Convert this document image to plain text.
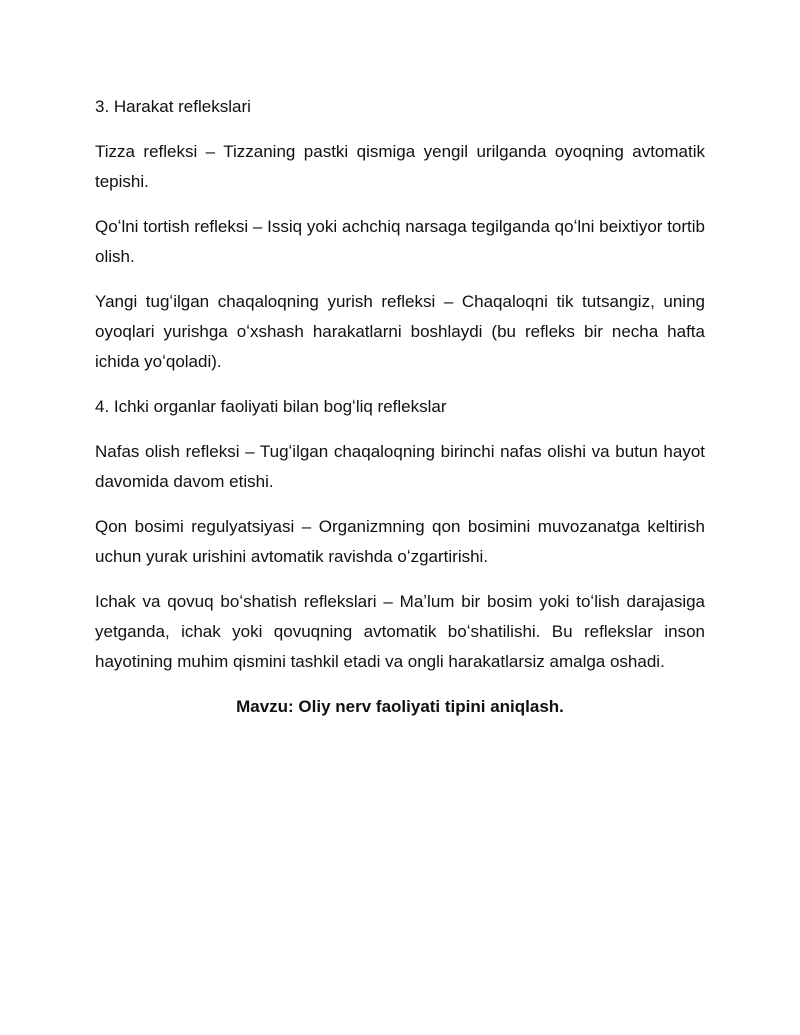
3. Harakat reflekslari

Tizza refleksi – Tizzaning pastki qismiga yengil urilganda oyoqning avtomatik tepishi.

Qoʻlni tortish refleksi – Issiq yoki achchiq narsaga tegilganda qoʻlni beixtiyor tortib olish.

Yangi tugʻilgan chaqaloqning yurish refleksi – Chaqaloqni tik tutsangiz, uning oyoqlari yurishga oʻxshash harakatlarni boshlaydi (bu refleks bir necha hafta ichida yoʻqoladi).

4. Ichki organlar faoliyati bilan bogʻliq reflekslar

Nafas olish refleksi – Tugʻilgan chaqaloqning birinchi nafas olishi va butun hayot davomida davom etishi.

Qon bosimi regulyatsiyasi – Organizmning qon bosimini muvozanatga keltirish uchun yurak urishini avtomatik ravishda oʻzgartirishi.

Ichak va qovuq boʻshatish reflekslari – Maʼlum bir bosim yoki toʻlish darajasiga yetganda, ichak yoki qovuqning avtomatik boʻshatilishi. Bu reflekslar inson hayotining muhim qismini tashkil etadi va ongli harakatlarsiz amalga oshadi.

Mavzu: Oliy nerv faoliyati tipini aniqlash.
